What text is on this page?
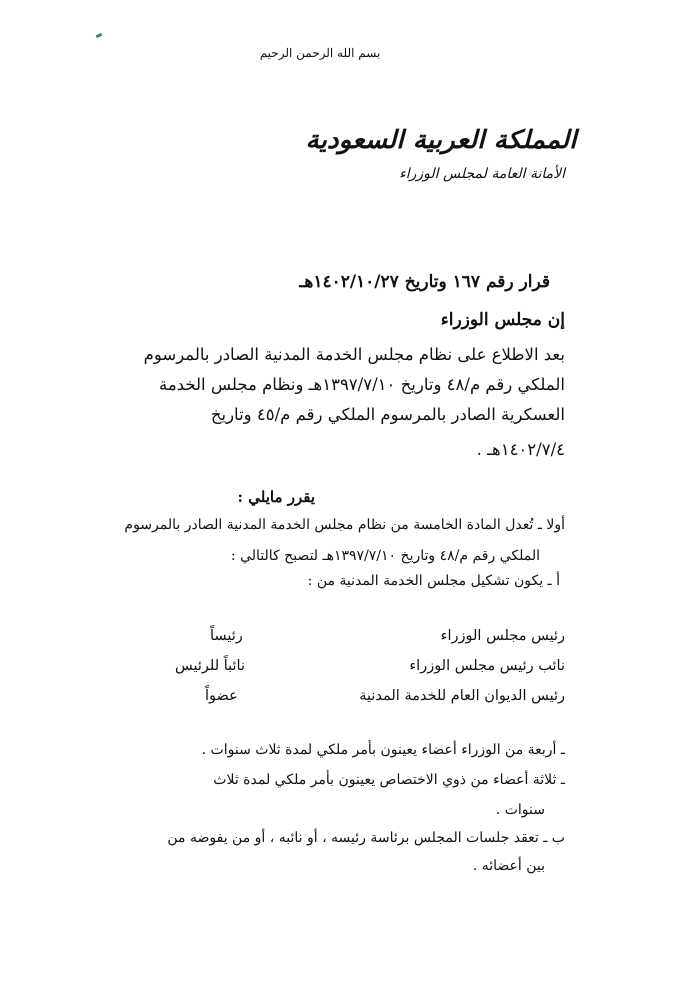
بسم الله الرحمن الرحيم
المملكة العربية السعودية
الأمانة العامة لمجلس الوزراء
قرار رقم ١٦٧ وتاريخ ١٤٠٢/١٠/٢٧هـ
إن مجلس الوزراء
بعد الاطلاع على نظام مجلس الخدمة المدنية الصادر بالمرسوم
الملكي رقم م/٤٨ وتاريخ ١٣٩٧/٧/١٠هـ ونظام مجلس الخدمة
العسكرية الصادر بالمرسوم الملكي رقم م/٤٥ وتاريخ
١٤٠٢/٧/٤هـ .
يقرر مايلي :
أولا ـ تُعدل المادة الخامسة من نظام مجلس الخدمة المدنية الصادر بالمرسوم
الملكي رقم م/٤٨ وتاريخ ١٣٩٧/٧/١٠هـ لتصبح كالتالي :
أ ـ يكون تشكيل مجلس الخدمة المدنية من :
رئيس مجلس الوزراء
رئيساً
نائب رئيس مجلس الوزراء
نائباً للرئيس
رئيس الديوان العام للخدمة المدنية
عضواً
ـ أربعة من الوزراء أعضاء يعينون بأمر ملكي لمدة ثلاث سنوات .
ـ ثلاثة أعضاء من ذوي الاختصاص يعينون بأمر ملكي لمدة ثلاث
سنوات .
ب ـ تعقد جلسات المجلس برئاسة رئيسه ، أو نائبه ، أو من يفوضه من
بين أعضائه .
